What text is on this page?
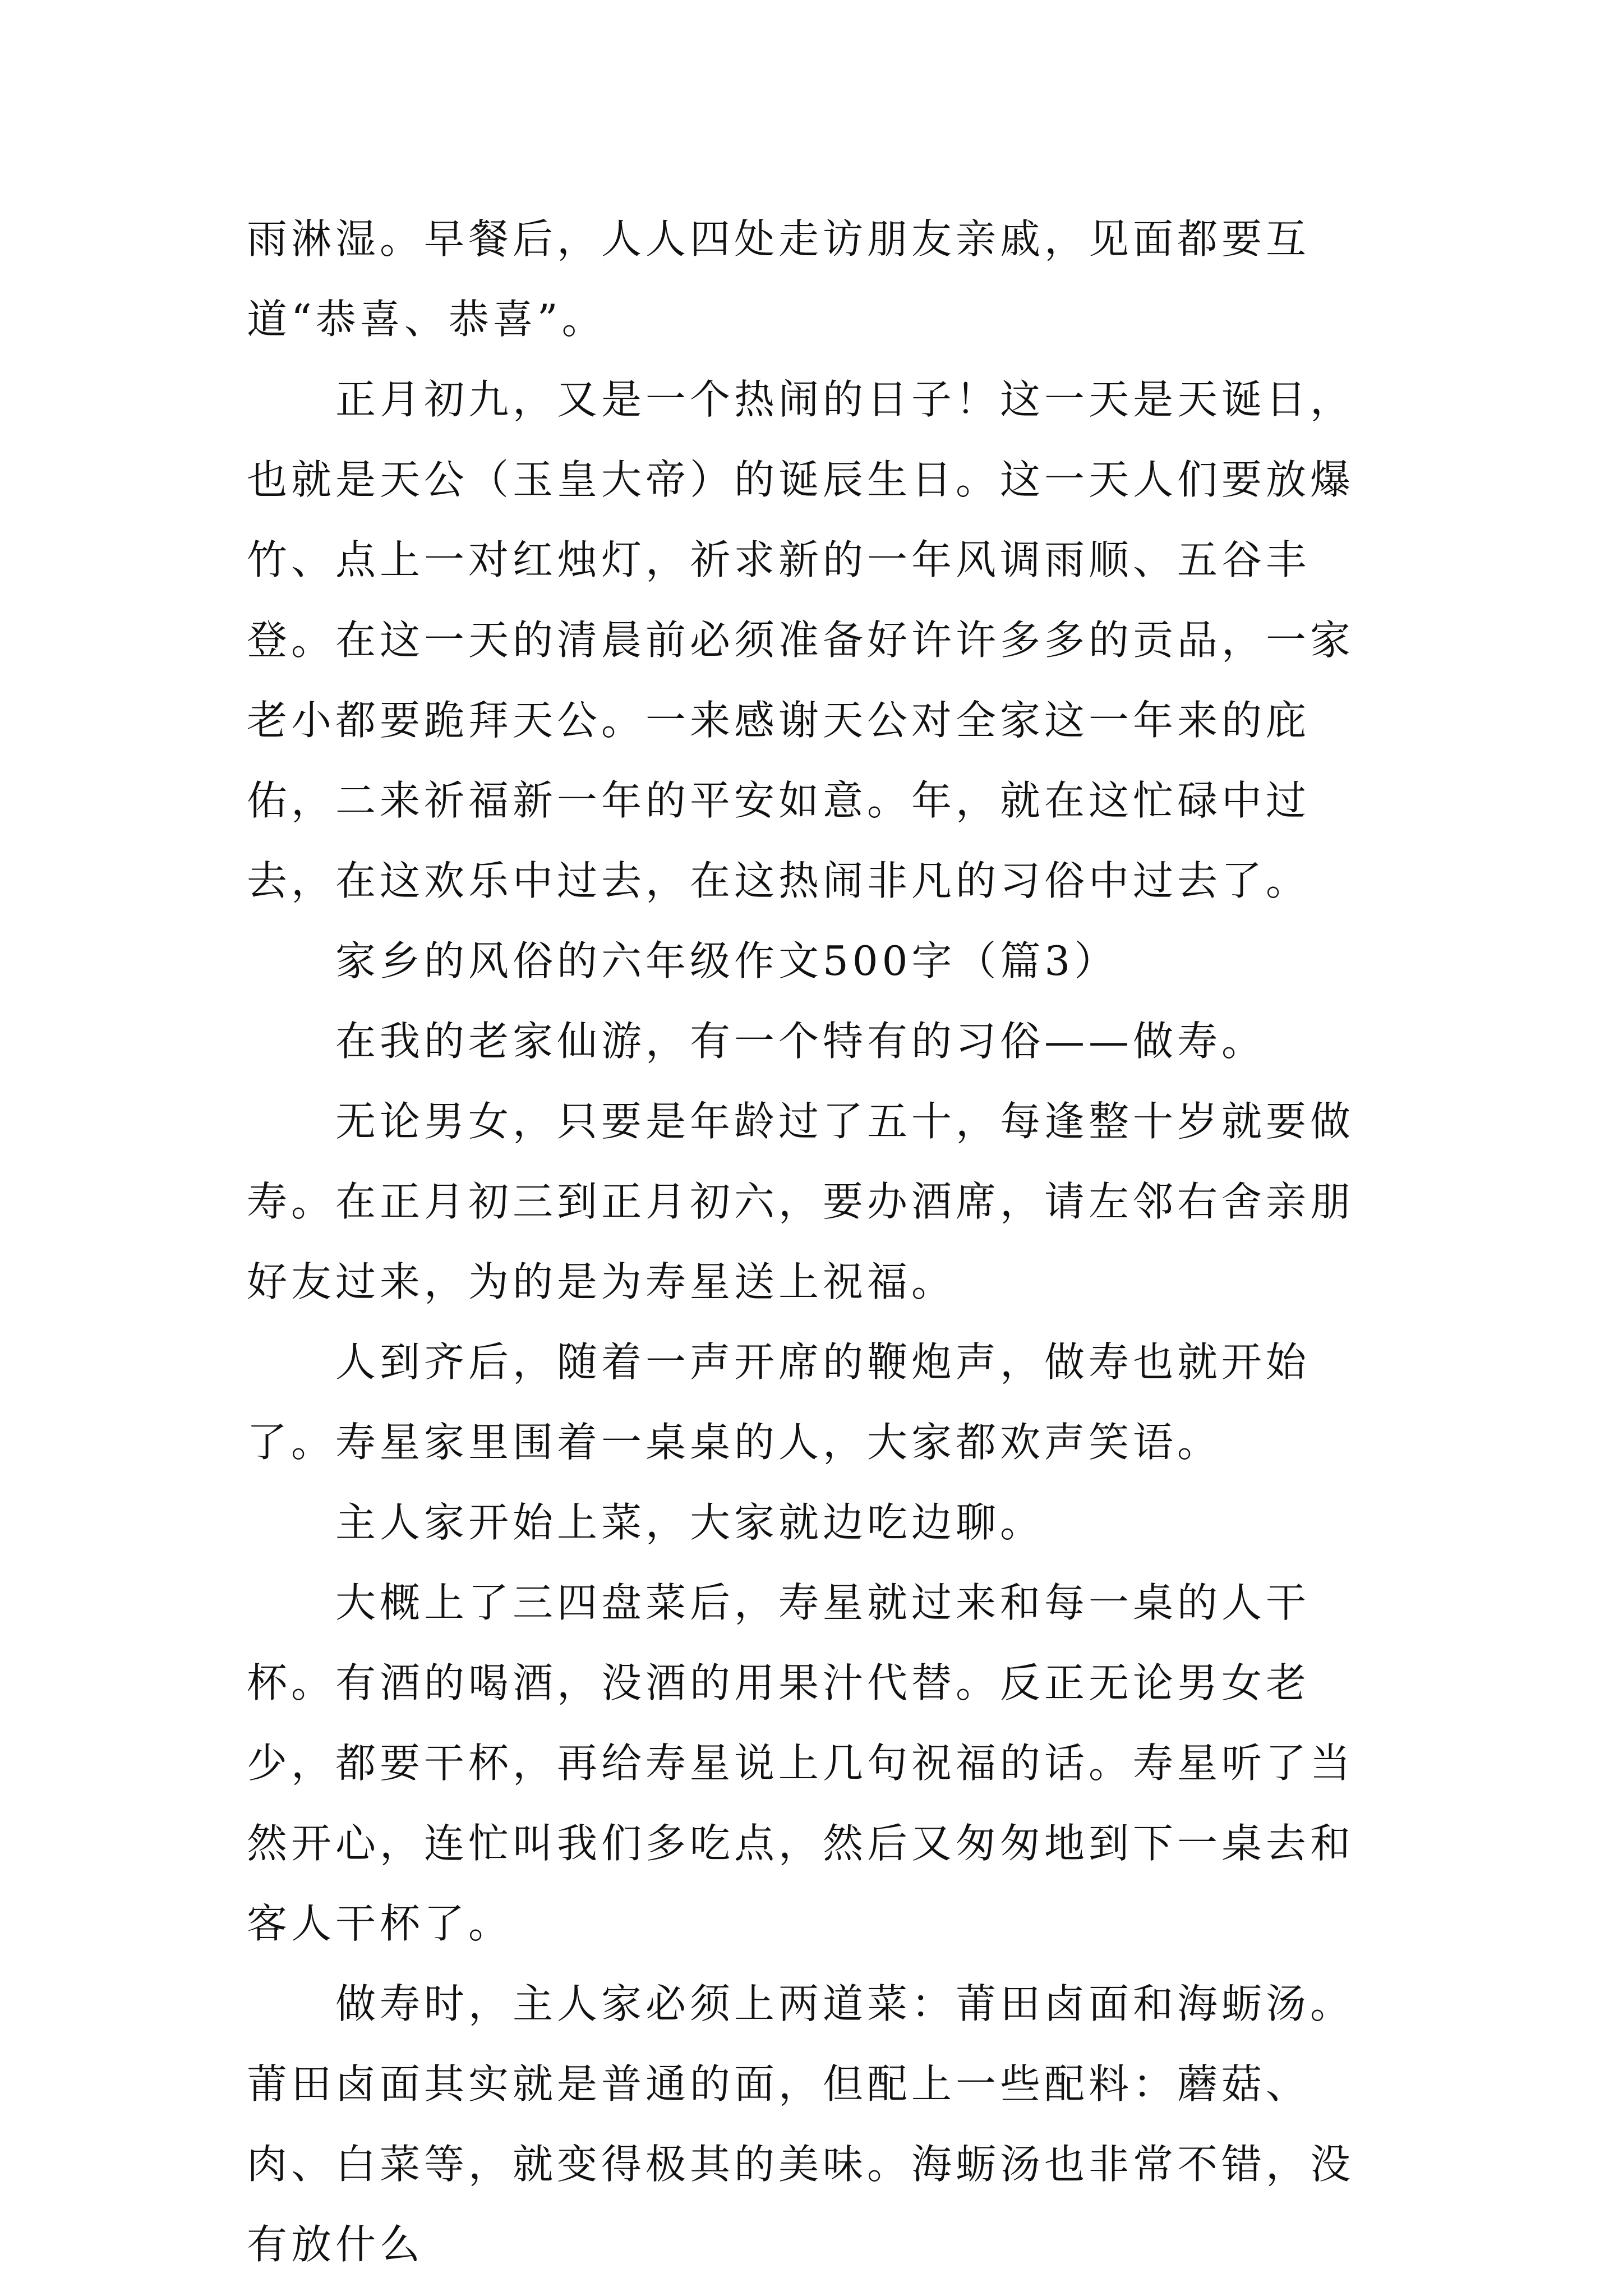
雨淋湿。早餐后，人人四处走访朋友亲戚，见面都要互道“恭喜、恭喜”。

正月初九，又是一个热闹的日子！这一天是天诞日，也就是天公（玉皇大帝）的诞辰生日。这一天人们要放爆竹、点上一对红烛灯，祈求新的一年风调雨顺、五谷丰登。在这一天的清晨前必须准备好许许多多的贡品，一家老小都要跪拜天公。一来感谢天公对全家这一年来的庇佑，二来祈福新一年的平安如意。年，就在这忙碌中过去，在这欢乐中过去，在这热闹非凡的习俗中过去了。

家乡的风俗的六年级作文500字（篇3）

在我的老家仙游，有一个特有的习俗——做寿。

无论男女，只要是年龄过了五十，每逢整十岁就要做寿。在正月初三到正月初六，要办酒席，请左邻右舍亲朋好友过来，为的是为寿星送上祝福。

人到齐后，随着一声开席的鞭炮声，做寿也就开始了。寿星家里围着一桌桌的人，大家都欢声笑语。

主人家开始上菜，大家就边吃边聊。

大概上了三四盘菜后，寿星就过来和每一桌的人干杯。有酒的喝酒，没酒的用果汁代替。反正无论男女老少，都要干杯，再给寿星说上几句祝福的话。寿星听了当然开心，连忙叫我们多吃点，然后又匆匆地到下一桌去和客人干杯了。

做寿时，主人家必须上两道菜：莆田卤面和海蛎汤。莆田卤面其实就是普通的面，但配上一些配料：蘑菇、肉、白菜等，就变得极其的美味。海蛎汤也非常不错，没有放什么
